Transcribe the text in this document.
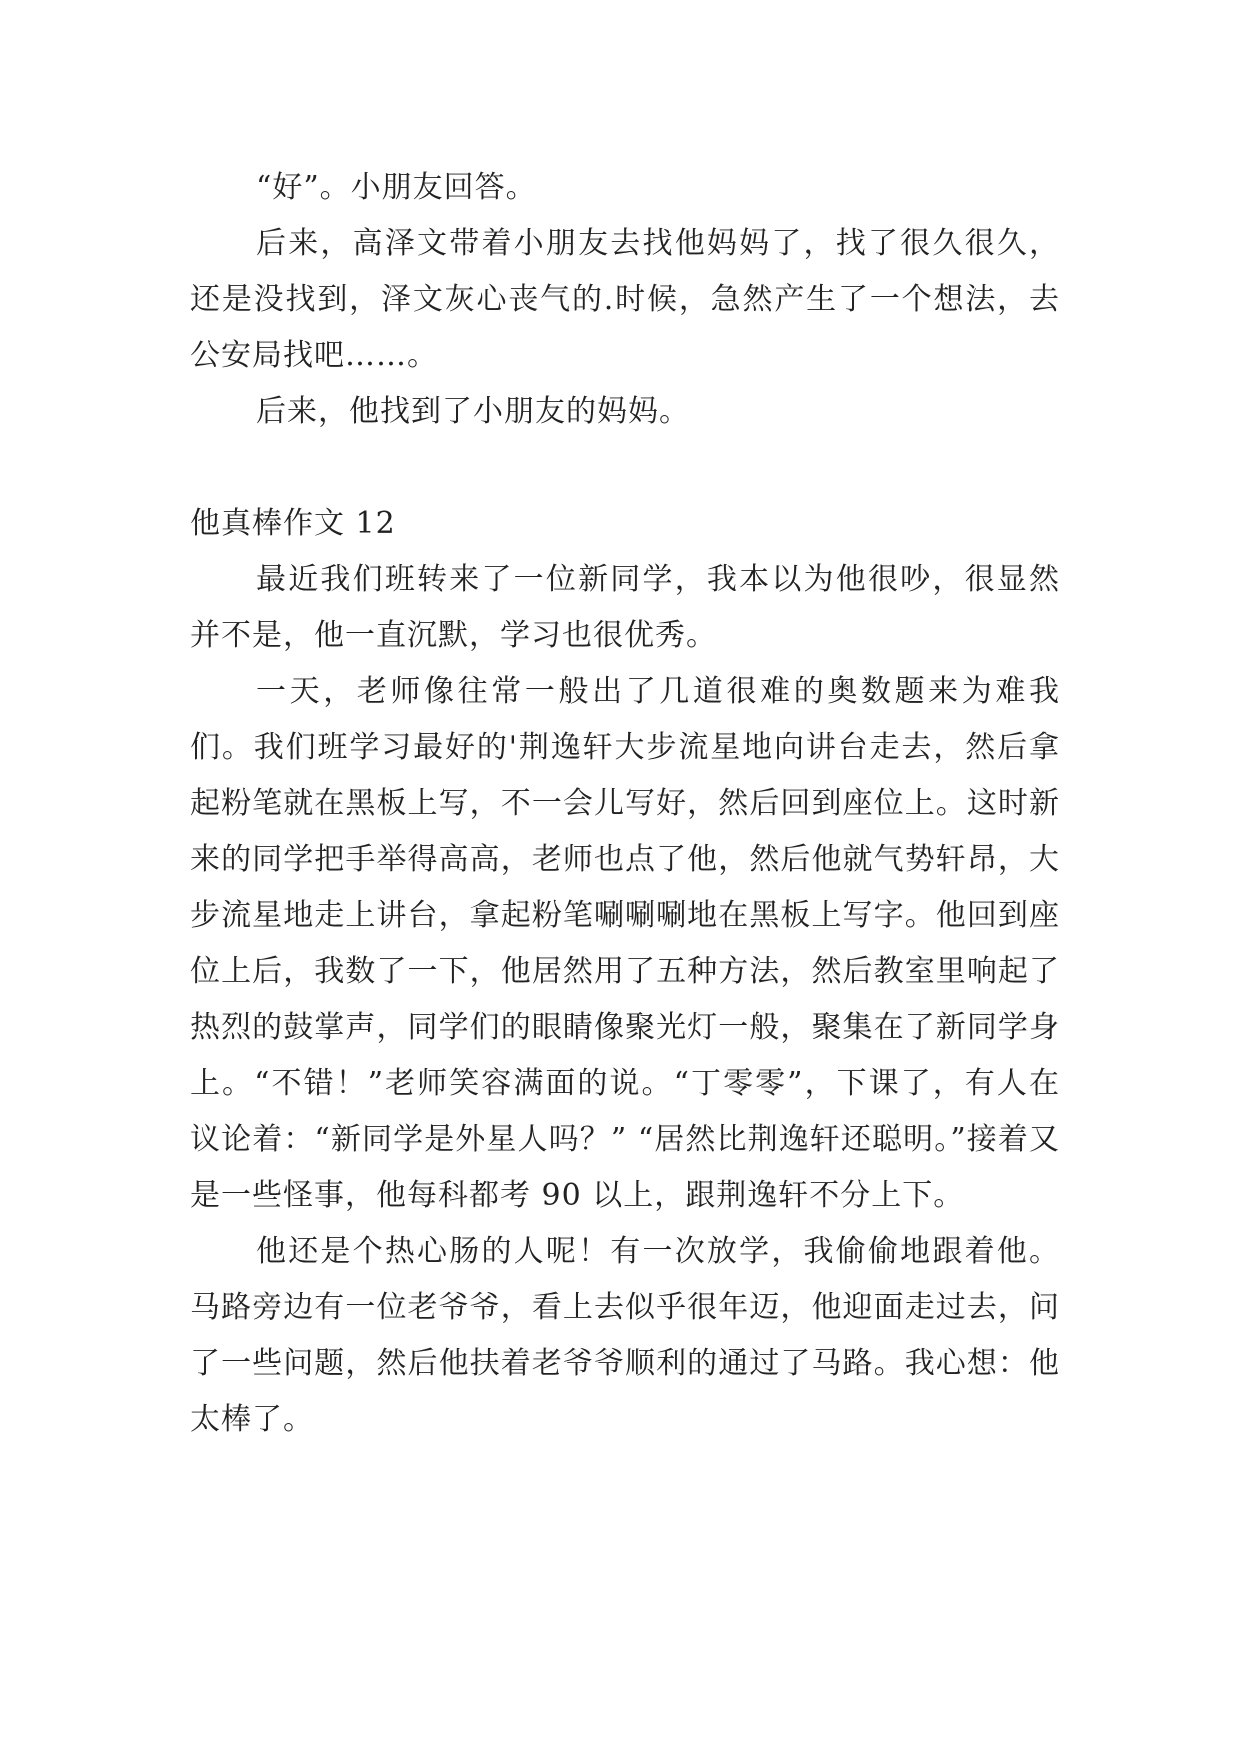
“好”。小朋友回答。

后来，高泽文带着小朋友去找他妈妈了，找了很久很久，还是没找到，泽文灰心丧气的.时候，急然产生了一个想法，去公安局找吧……。

后来，他找到了小朋友的妈妈。

他真棒作文 12

最近我们班转来了一位新同学，我本以为他很吵，很显然并不是，他一直沉默，学习也很优秀。

一天，老师像往常一般出了几道很难的奥数题来为难我们。我们班学习最好的'荆逸轩大步流星地向讲台走去，然后拿起粉笔就在黑板上写，不一会儿写好，然后回到座位上。这时新来的同学把手举得高高，老师也点了他，然后他就气势轩昂，大步流星地走上讲台，拿起粉笔唰唰唰地在黑板上写字。他回到座位上后，我数了一下，他居然用了五种方法，然后教室里响起了热烈的鼓掌声，同学们的眼睛像聚光灯一般，聚集在了新同学身上。“不错！”老师笑容满面的说。“丁零零”，下课了，有人在议论着：“新同学是外星人吗？” “居然比荆逸轩还聪明。”接着又是一些怪事，他每科都考 90 以上，跟荆逸轩不分上下。

他还是个热心肠的人呢！有一次放学，我偷偷地跟着他。马路旁边有一位老爷爷，看上去似乎很年迈，他迎面走过去，问了一些问题，然后他扶着老爷爷顺利的通过了马路。我心想：他太棒了。
